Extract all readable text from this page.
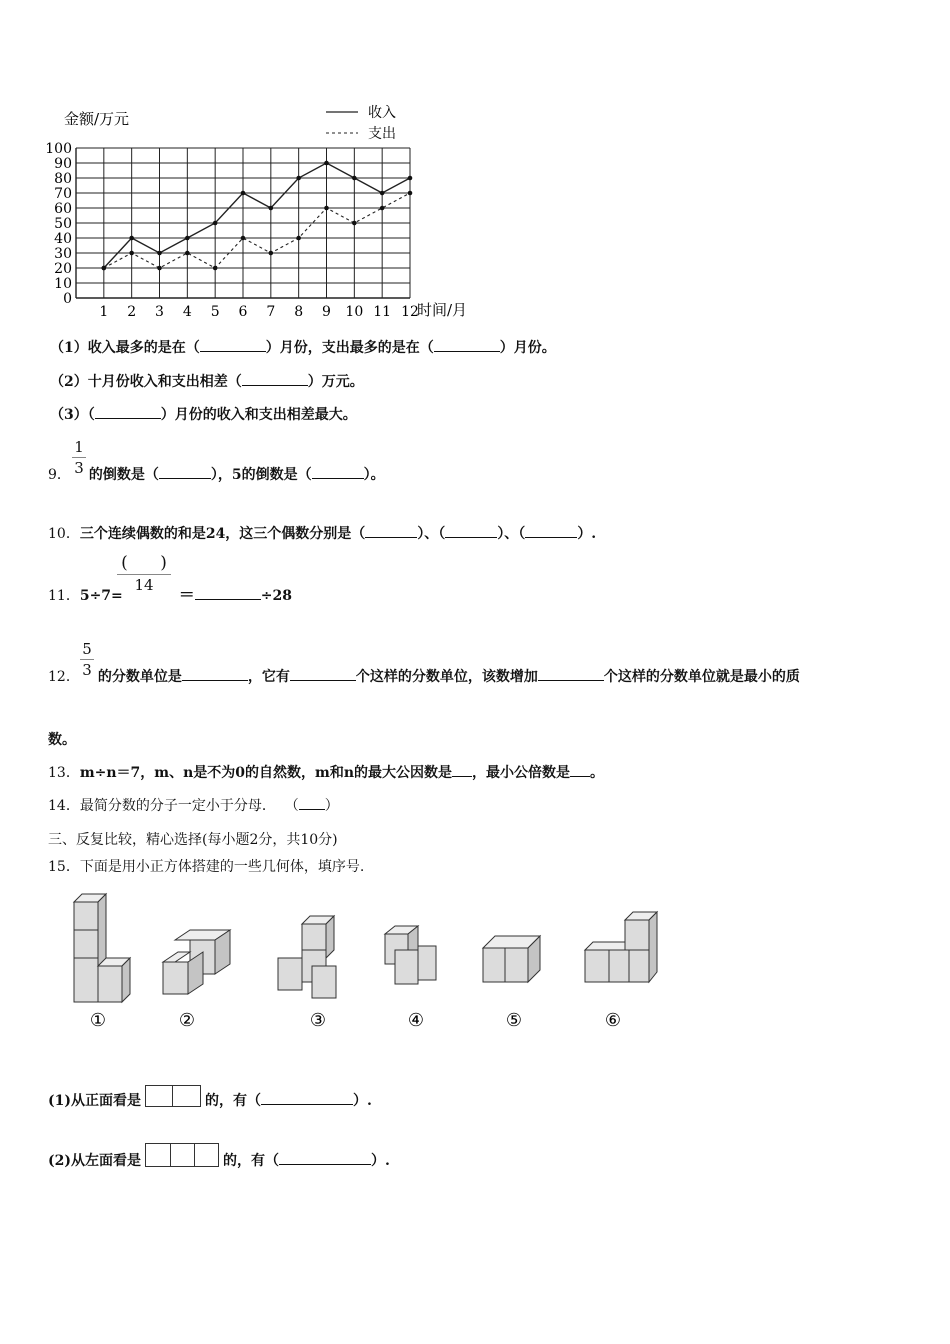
0
10
20
30
40
50
60
70
80
90
100
1 2 3 4 5 6 7 8 9 10 11 12
金额/万元
时间/月
收入
支出
（1）收入最多的是在（	）月份，支出最多的是在（	）月份。
（2）十月份收入和支出相差（	）万元。
（3）（	）月份的收入和支出相差最大。
1
3
9． 的倒数是（	），5的倒数是（	）。
10．三个连续偶数的和是24，这三个偶数分别是（	）、（	）、（	）.
(      )
14
11．5÷7=	＝	÷28
5
3
12． 的分数单位是	，它有	个这样的分数单位，该数增加	个这样的分数单位就是最小的质
数。
13．m÷n＝7，m、n是不为0的自然数，m和n的最大公因数是 ，最小公倍数是 。
14．最简分数的分子一定小于分母．  （ ）
三、反复比较，精心选择(每小题2分，共10分)
15．下面是用小正方体搭建的一些几何体，填序号.
①	②	③	④	⑤	⑥
(1)从正面看是	的，有（	）.
(2)从左面看是	的，有（	）.
